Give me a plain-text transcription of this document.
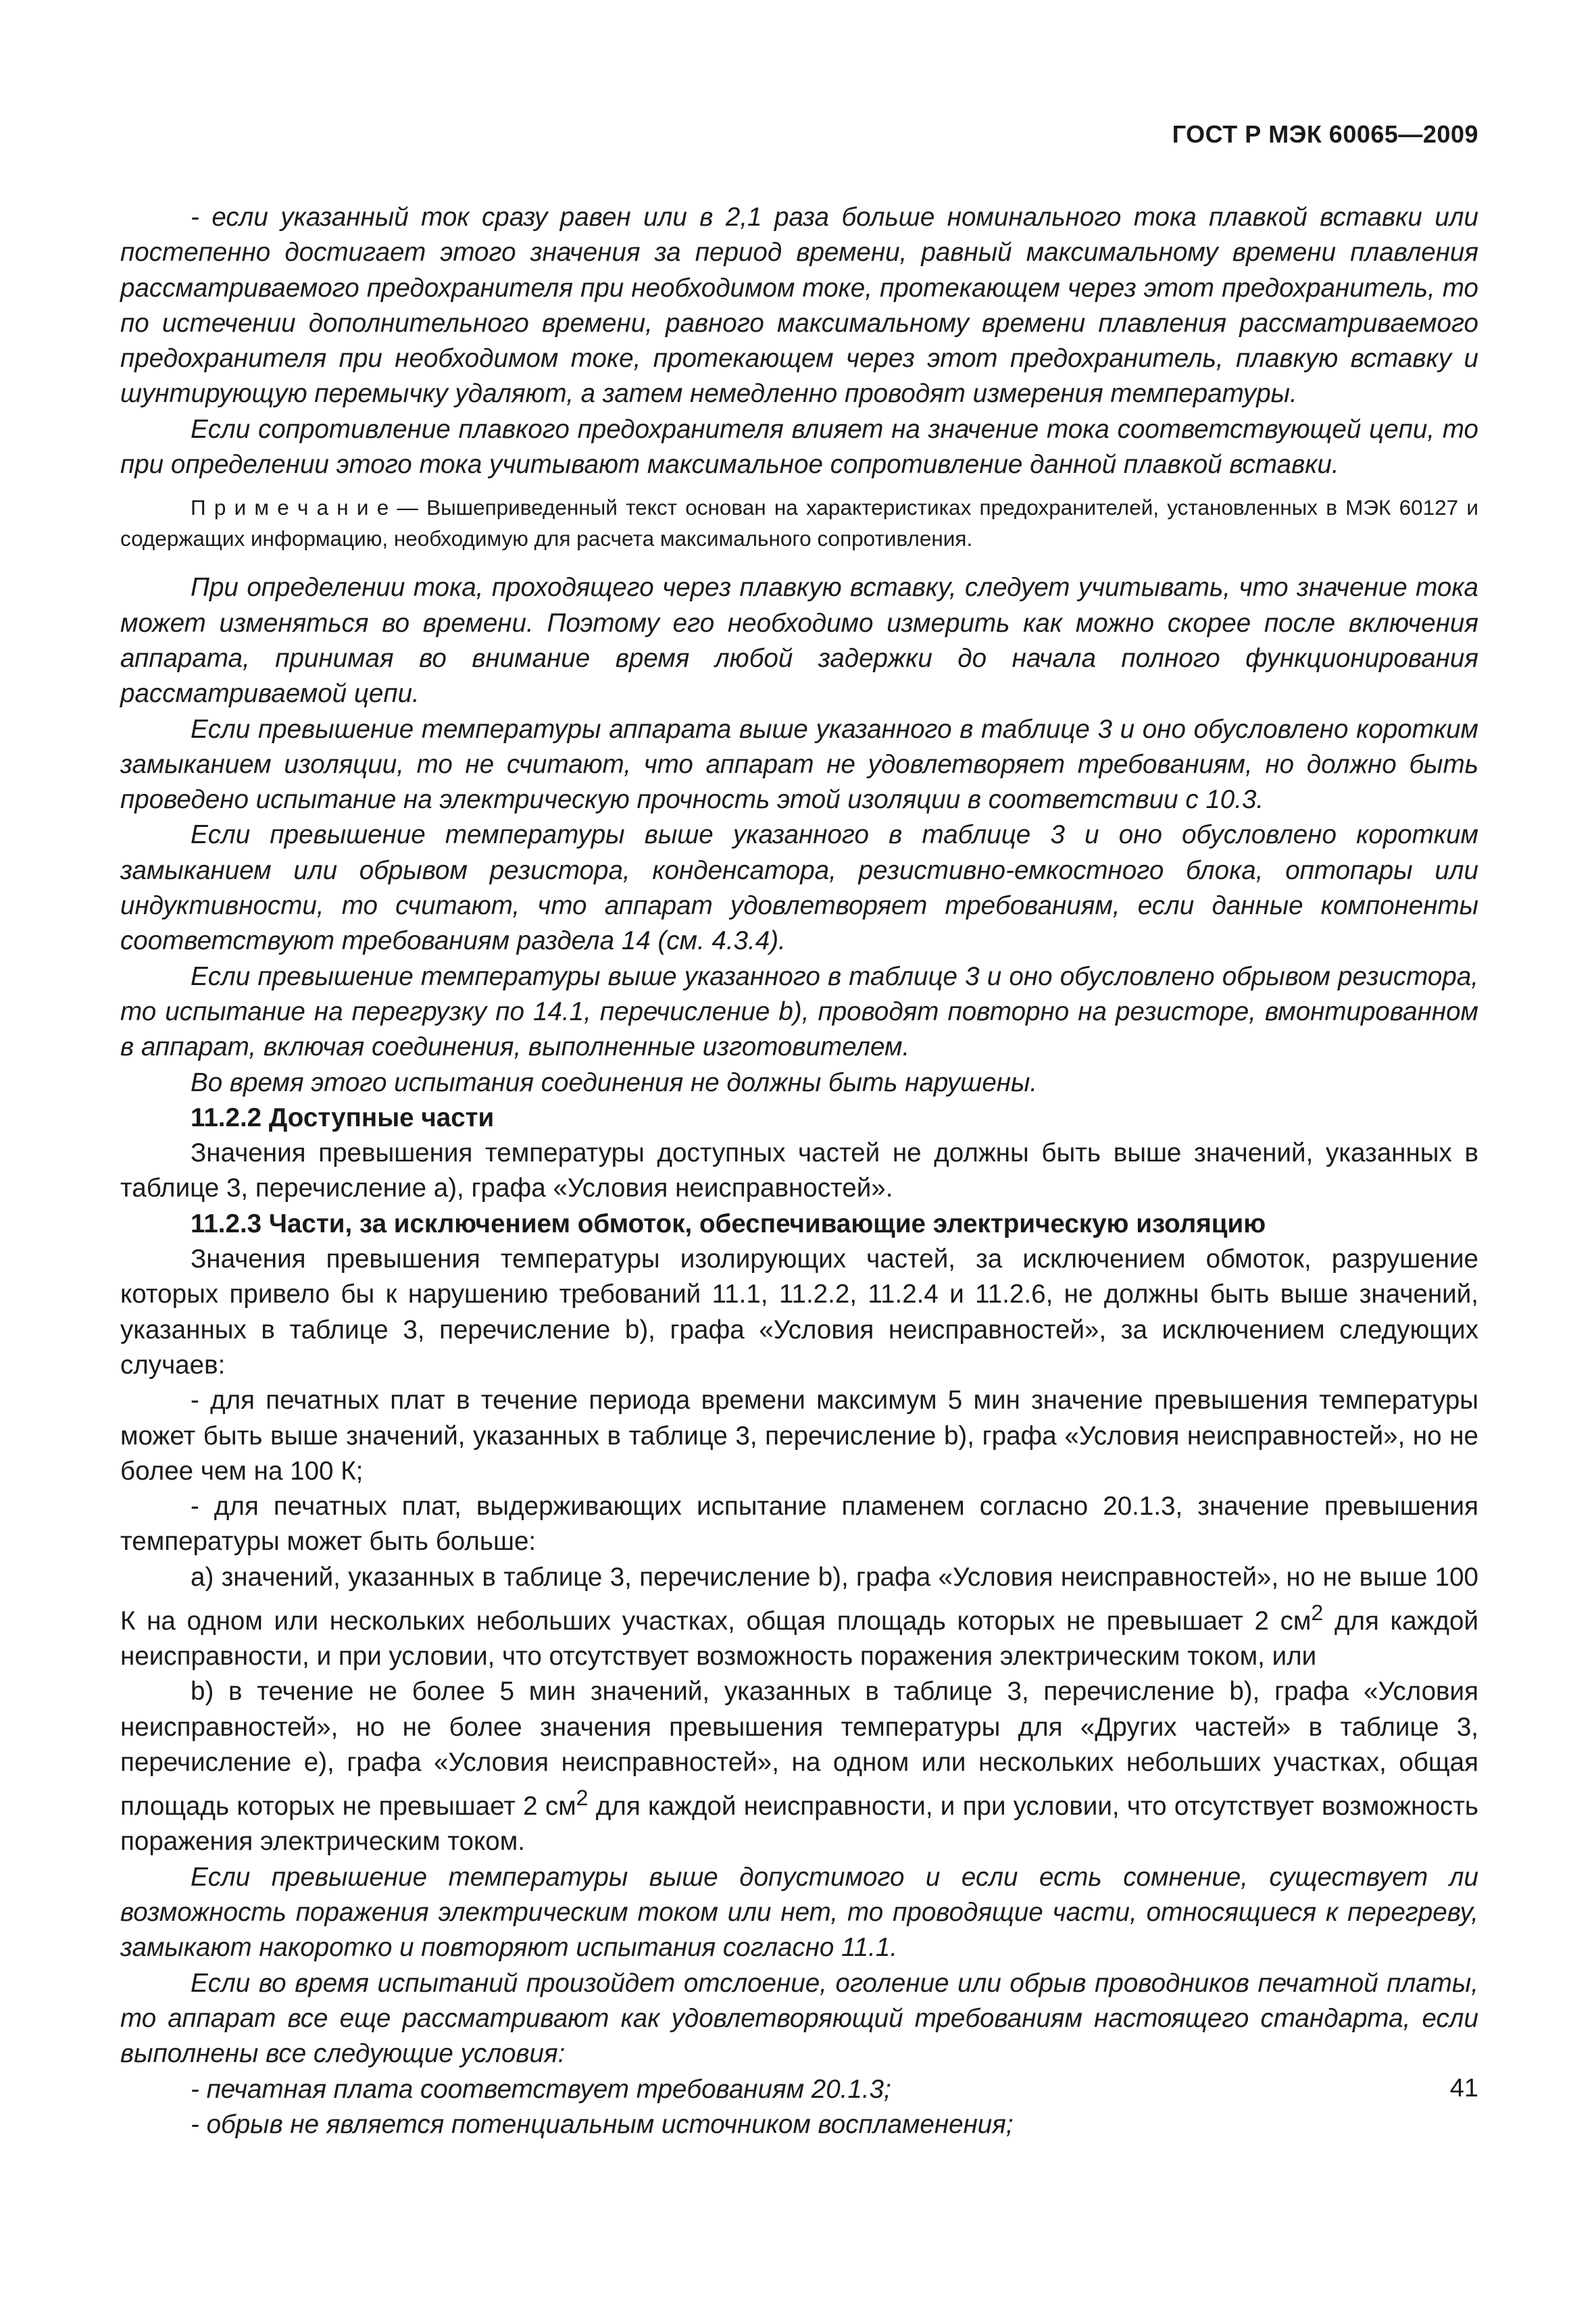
ГОСТ Р МЭК 60065—2009

- если указанный ток сразу равен или в 2,1 раза больше номинального тока плавкой вставки или постепенно достигает этого значения за период времени, равный максимальному времени плавления рассматриваемого предохранителя при необходимом токе, протекающем через этот предохранитель, то по истечении дополнительного времени, равного максимальному времени плавления рассматриваемого предохранителя при необходимом токе, протекающем через этот предохранитель, плавкую вставку и шунтирующую перемычку удаляют, а затем немедленно проводят измерения температуры.

Если сопротивление плавкого предохранителя влияет на значение тока соответствующей цепи, то при определении этого тока учитывают максимальное сопротивление данной плавкой вставки.

П р и м е ч а н и е — Вышеприведенный текст основан на характеристиках предохранителей, установленных в МЭК 60127 и содержащих информацию, необходимую для расчета максимального сопротивления.

При определении тока, проходящего через плавкую вставку, следует учитывать, что значение тока может изменяться во времени. Поэтому его необходимо измерить как можно скорее после включения аппарата, принимая во внимание время любой задержки до начала полного функционирования рассматриваемой цепи.

Если превышение температуры аппарата выше указанного в таблице 3 и оно обусловлено коротким замыканием изоляции, то не считают, что аппарат не удовлетворяет требованиям, но должно быть проведено испытание на электрическую прочность этой изоляции в соответствии с 10.3.

Если превышение температуры выше указанного в таблице 3 и оно обусловлено коротким замыканием или обрывом резистора, конденсатора, резистивно-емкостного блока, оптопары или индуктивности, то считают, что аппарат удовлетворяет требованиям, если данные компоненты соответствуют требованиям раздела 14 (см. 4.3.4).

Если превышение температуры выше указанного в таблице 3 и оно обусловлено обрывом резистора, то испытание на перегрузку по 14.1, перечисление b), проводят повторно на резисторе, вмонтированном в аппарат, включая соединения, выполненные изготовителем.

Во время этого испытания соединения не должны быть нарушены.

11.2.2 Доступные части

Значения превышения температуры доступных частей не должны быть выше значений, указанных в таблице 3, перечисление а), графа «Условия неисправностей».

11.2.3 Части, за исключением обмоток, обеспечивающие электрическую изоляцию

Значения превышения температуры изолирующих частей, за исключением обмоток, разрушение которых привело бы к нарушению требований 11.1, 11.2.2, 11.2.4 и 11.2.6, не должны быть выше значений, указанных в таблице 3, перечисление b), графа «Условия неисправностей», за исключением следующих случаев:

- для печатных плат в течение периода времени максимум 5 мин значение превышения температуры может быть выше значений, указанных в таблице 3, перечисление b), графа «Условия неисправностей», но не более чем на 100 К;

- для печатных плат, выдерживающих испытание пламенем согласно 20.1.3, значение превышения температуры может быть больше:

а) значений, указанных в таблице 3, перечисление b), графа «Условия неисправностей», но не выше 100 К на одном или нескольких небольших участках, общая площадь которых не превышает 2 $см^2$ для каждой неисправности, и при условии, что отсутствует возможность поражения электрическим током, или

b) в течение не более 5 мин значений, указанных в таблице 3, перечисление b), графа «Условия неисправностей», но не более значения превышения температуры для «Других частей» в таблице 3, перечисление е), графа «Условия неисправностей», на одном или нескольких небольших участках, общая площадь которых не превышает 2 $см^2$ для каждой неисправности, и при условии, что отсутствует возможность поражения электрическим током.

Если превышение температуры выше допустимого и если есть сомнение, существует ли возможность поражения электрическим током или нет, то проводящие части, относящиеся к перегреву, замыкают накоротко и повторяют испытания согласно 11.1.

Если во время испытаний произойдет отслоение, оголение или обрыв проводников печатной платы, то аппарат все еще рассматривают как удовлетворяющий требованиям настоящего стандарта, если выполнены все следующие условия:

- печатная плата соответствует требованиям 20.1.3;

- обрыв не является потенциальным источником воспламенения;

41
